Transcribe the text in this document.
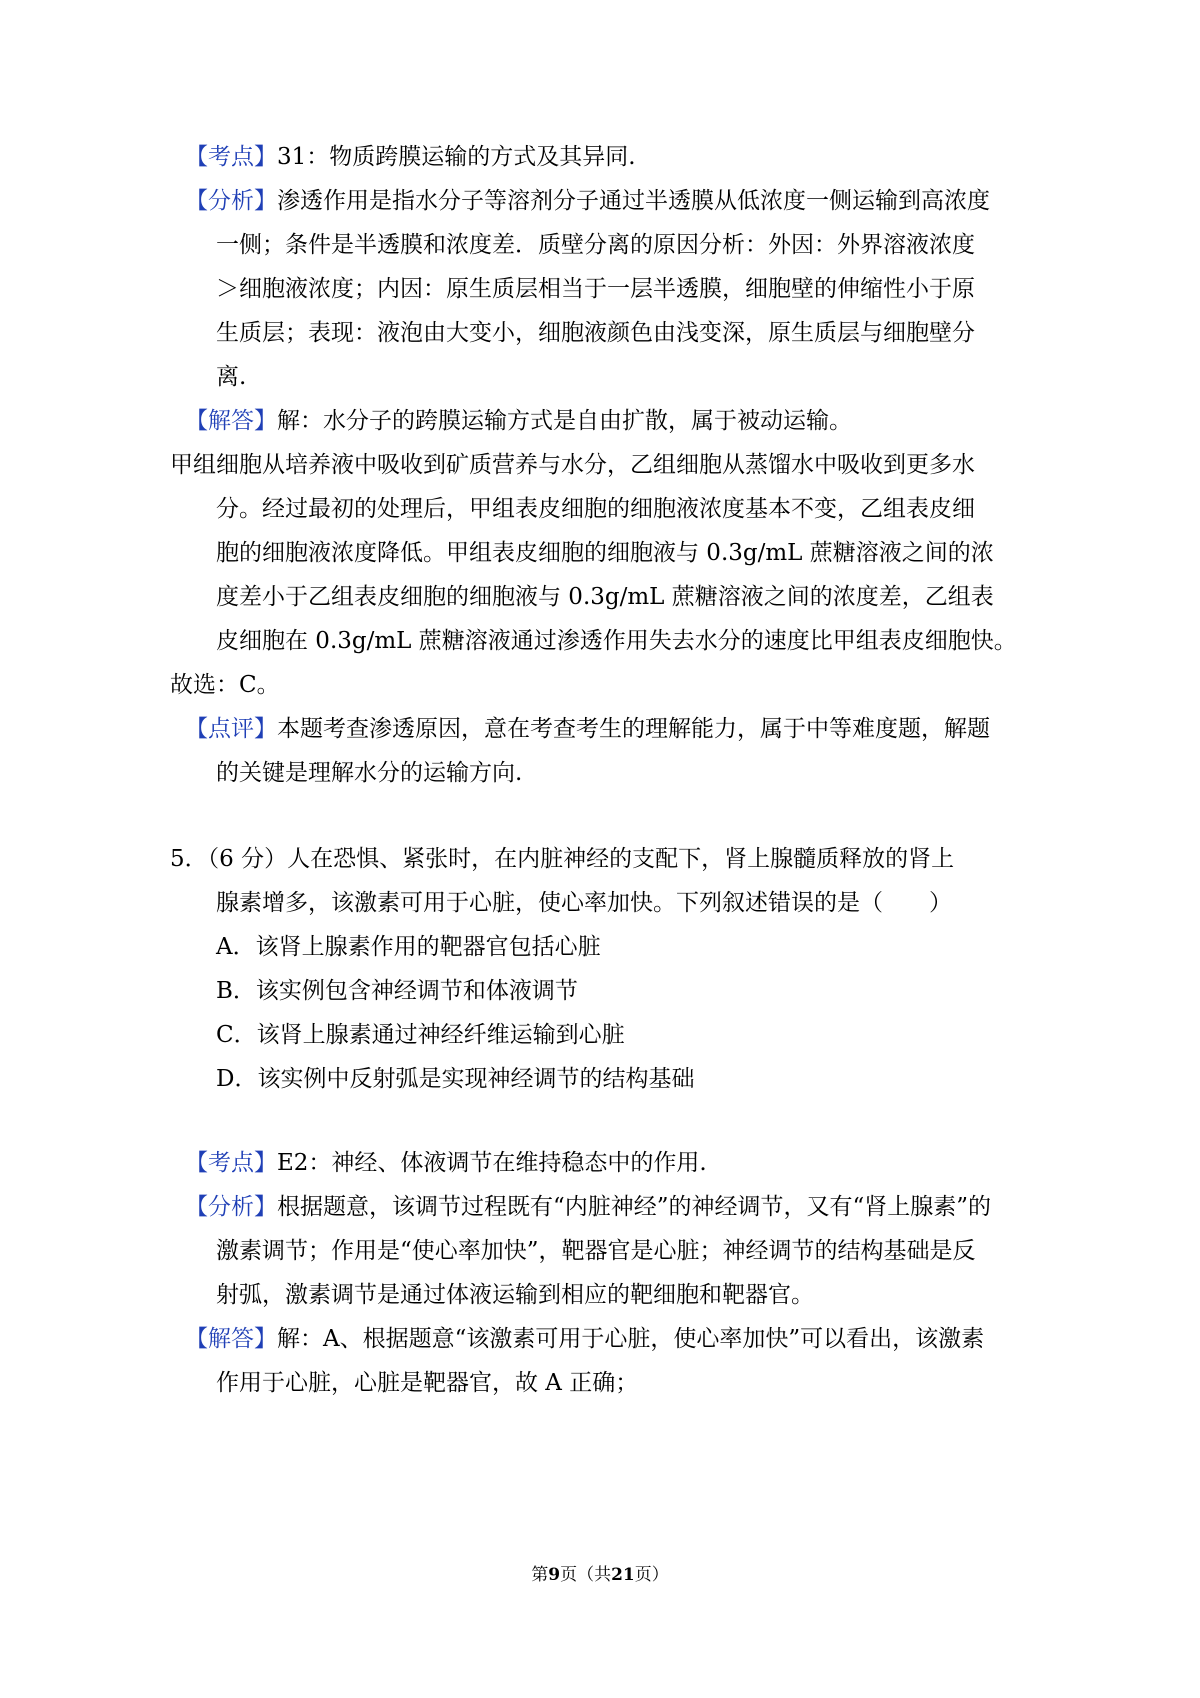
【考点】31：物质跨膜运输的方式及其异同.
【分析】渗透作用是指水分子等溶剂分子通过半透膜从低浓度一侧运输到高浓度
一侧；条件是半透膜和浓度差．质壁分离的原因分析：外因：外界溶液浓度
＞细胞液浓度；内因：原生质层相当于一层半透膜，细胞壁的伸缩性小于原
生质层；表现：液泡由大变小，细胞液颜色由浅变深，原生质层与细胞壁分
离.
【解答】解：水分子的跨膜运输方式是自由扩散，属于被动运输。
甲组细胞从培养液中吸收到矿质营养与水分，乙组细胞从蒸馏水中吸收到更多水
分。经过最初的处理后，甲组表皮细胞的细胞液浓度基本不变，乙组表皮细
胞的细胞液浓度降低。甲组表皮细胞的细胞液与 0.3g/mL 蔗糖溶液之间的浓
度差小于乙组表皮细胞的细胞液与 0.3g/mL 蔗糖溶液之间的浓度差，乙组表
皮细胞在 0.3g/mL 蔗糖溶液通过渗透作用失去水分的速度比甲组表皮细胞快。
故选：C。
【点评】本题考查渗透原因，意在考查考生的理解能力，属于中等难度题，解题
的关键是理解水分的运输方向.
5．（6 分）人在恐惧、紧张时，在内脏神经的支配下，肾上腺髓质释放的肾上
腺素增多，该激素可用于心脏，使心率加快。下列叙述错误的是（　　）
A．该肾上腺素作用的靶器官包括心脏
B．该实例包含神经调节和体液调节
C．该肾上腺素通过神经纤维运输到心脏
D．该实例中反射弧是实现神经调节的结构基础
【考点】E2：神经、体液调节在维持稳态中的作用.
【分析】根据题意，该调节过程既有“内脏神经”的神经调节，又有“肾上腺素”的
激素调节；作用是“使心率加快”，靶器官是心脏；神经调节的结构基础是反
射弧，激素调节是通过体液运输到相应的靶细胞和靶器官。
【解答】解：A、根据题意“该激素可用于心脏，使心率加快”可以看出，该激素
作用于心脏，心脏是靶器官，故 A 正确；
第9页（共21页）
